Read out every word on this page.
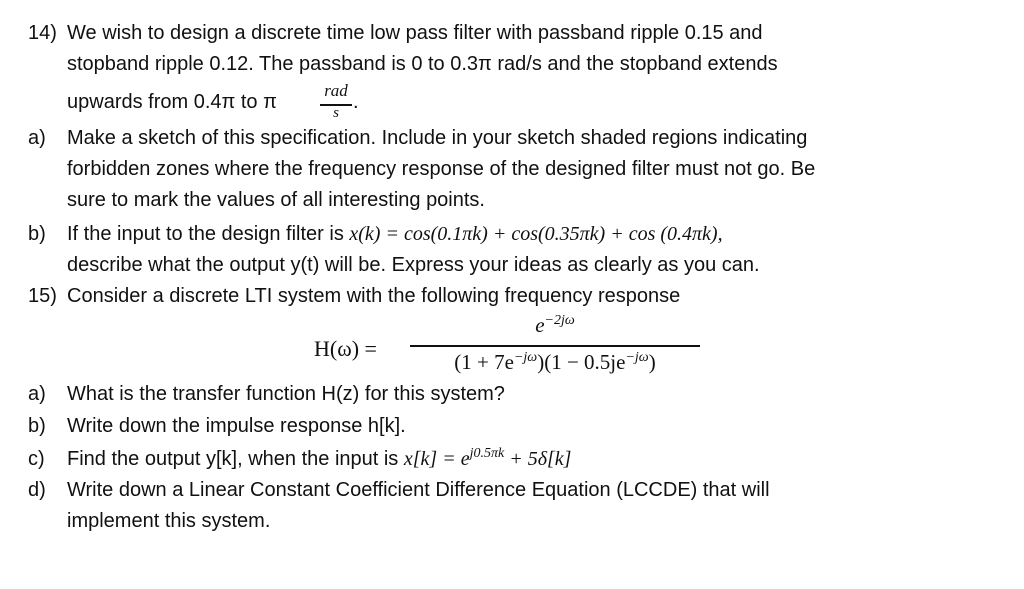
14) We wish to design a discrete time low pass filter with passband ripple 0.15 and
stopband ripple 0.12. The passband is 0 to 0.3π rad/s and the stopband extends
upwards from 0.4π to π
rad
s .
a) Make a sketch of this specification. Include in your sketch shaded regions indicating
forbidden zones where the frequency response of the designed filter must not go. Be
sure to mark the values of all interesting points.
b) If the input to the design filter is x(k) = cos(0.1πk) + cos(0.35πk) + cos (0.4πk),
describe what the output y(t) will be. Express your ideas as clearly as you can.
15) Consider a discrete LTI system with the following frequency response
H(ω) =
$e^{-2j\omega}$
$(1 + 7e^{-j\omega})(1 - 0.5je^{-j\omega})$
a) What is the transfer function H(z) for this system?
b) Write down the impulse response h[k].
c) Find the output y[k], when the input is $x[k] = e^{j0.5\pi k} + 5\delta[k]$
d) Write down a Linear Constant Coefficient Difference Equation (LCCDE) that will
implement this system.
